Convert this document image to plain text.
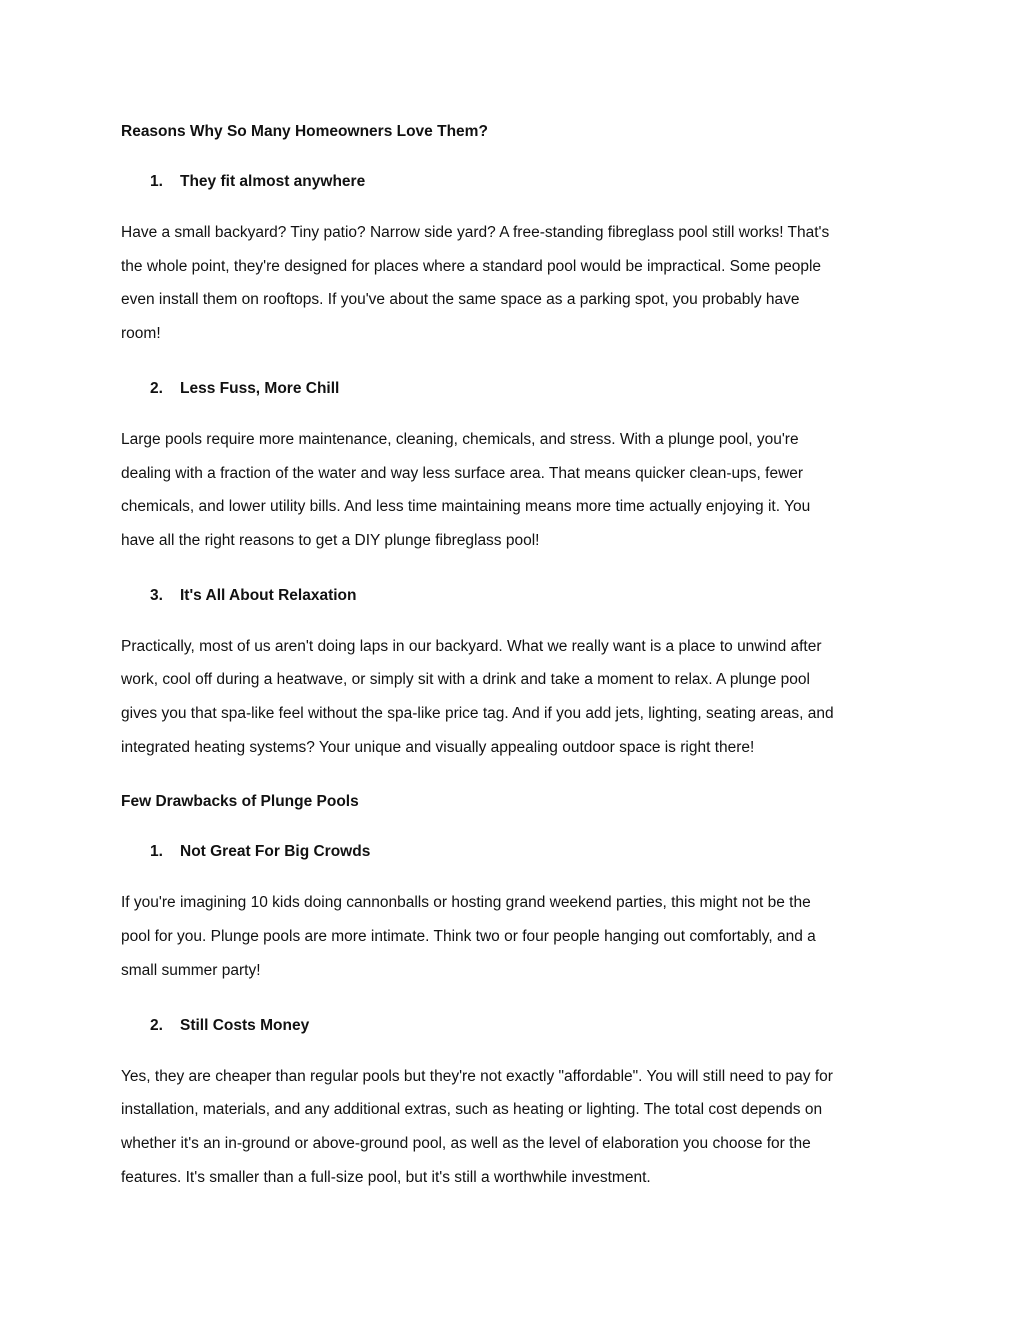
Reasons Why So Many Homeowners Love Them?

1.	They fit almost anywhere

Have a small backyard? Tiny patio? Narrow side yard? A free-standing fibreglass pool still works! That's

the whole point, they're designed for places where a standard pool would be impractical. Some people

even install them on rooftops. If you've about the same space as a parking spot, you probably have

room!

2.	Less Fuss, More Chill

Large pools require more maintenance, cleaning, chemicals, and stress. With a plunge pool, you're

dealing with a fraction of the water and way less surface area. That means quicker clean-ups, fewer

chemicals, and lower utility bills. And less time maintaining means more time actually enjoying it. You

have all the right reasons to get a DIY plunge fibreglass pool!

3.	It's All About Relaxation

Practically, most of us aren't doing laps in our backyard. What we really want is a place to unwind after

work, cool off during a heatwave, or simply sit with a drink and take a moment to relax. A plunge pool

gives you that spa-like feel without the spa-like price tag. And if you add jets, lighting, seating areas, and

integrated heating systems? Your unique and visually appealing outdoor space is right there!

Few Drawbacks of Plunge Pools

1.	Not Great For Big Crowds

If you're imagining 10 kids doing cannonballs or hosting grand weekend parties, this might not be the

pool for you. Plunge pools are more intimate. Think two or four people hanging out comfortably, and a

small summer party!

2.	Still Costs Money

Yes, they are cheaper than regular pools but they're not exactly "affordable". You will still need to pay for

installation, materials, and any additional extras, such as heating or lighting. The total cost depends on

whether it's an in-ground or above-ground pool, as well as the level of elaboration you choose for the

features. It's smaller than a full-size pool, but it's still a worthwhile investment.
